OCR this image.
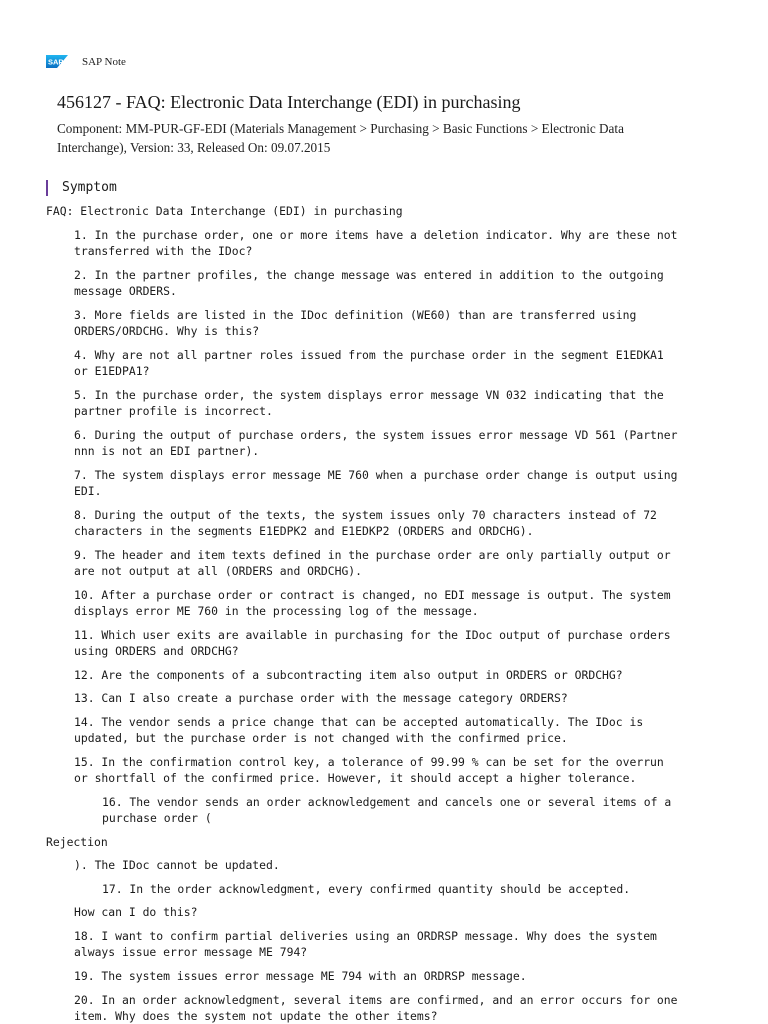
SAP SAP Note
456127 - FAQ: Electronic Data Interchange (EDI) in purchasing
Component: MM-PUR-GF-EDI (Materials Management > Purchasing > Basic Functions > Electronic Data
Interchange), Version: 33, Released On: 09.07.2015
Symptom

FAQ: Electronic Data Interchange (EDI) in purchasing

1. In the purchase order, one or more items have a deletion indicator. Why are these not
transferred with the IDoc?

2. In the partner profiles, the change message was entered in addition to the outgoing
message ORDERS.

3. More fields are listed in the IDoc definition (WE60) than are transferred using
ORDERS/ORDCHG. Why is this?

4. Why are not all partner roles issued from the purchase order in the segment E1EDKA1
or E1EDPA1?

5. In the purchase order, the system displays error message VN 032 indicating that the
partner profile is incorrect.

6. During the output of purchase orders, the system issues error message VD 561 (Partner
nnn is not an EDI partner).

7. The system displays error message ME 760 when a purchase order change is output using
EDI.

8. During the output of the texts, the system issues only 70 characters instead of 72
characters in the segments E1EDPK2 and E1EDKP2 (ORDERS and ORDCHG).

9. The header and item texts defined in the purchase order are only partially output or
are not output at all (ORDERS and ORDCHG).

10. After a purchase order or contract is changed, no EDI message is output. The system
displays error ME 760 in the processing log of the message.

11. Which user exits are available in purchasing for the IDoc output of purchase orders
using ORDERS and ORDCHG?

12. Are the components of a subcontracting item also output in ORDERS or ORDCHG?

13. Can I also create a purchase order with the message category ORDERS?

14. The vendor sends a price change that can be accepted automatically. The IDoc is
updated, but the purchase order is not changed with the confirmed price.

15. In the confirmation control key, a tolerance of 99.99 % can be set for the overrun
or shortfall of the confirmed price. However, it should accept a higher tolerance.

16. The vendor sends an order acknowledgement and cancels one or several items of a
purchase order (

Rejection

). The IDoc cannot be updated.

17. In the order acknowledgment, every confirmed quantity should be accepted.

How can I do this?

18. I want to confirm partial deliveries using an ORDRSP message. Why does the system
always issue error message ME 794?

19. The system issues error message ME 794 with an ORDRSP message.

20. In an order acknowledgment, several items are confirmed, and an error occurs for one
item. Why does the system not update the other items?
